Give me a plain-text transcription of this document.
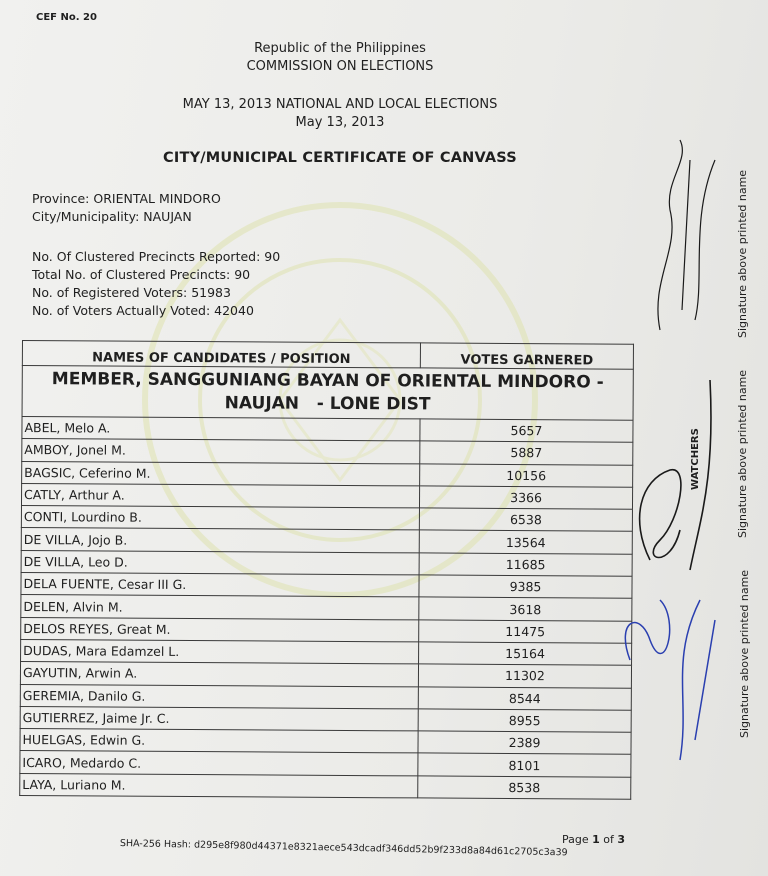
CEF No. 20
Republic of the Philippines
COMMISSION ON ELECTIONS
MAY 13, 2013 NATIONAL AND LOCAL ELECTIONS
May 13, 2013
CITY/MUNICIPAL CERTIFICATE OF CANVASS
Province: ORIENTAL MINDORO
City/Municipality: NAUJAN
No. Of Clustered Precincts Reported: 90
Total No. of Clustered Precincts: 90
No. of Registered Voters: 51983
No. of Voters Actually Voted: 42040
NAMES OF CANDIDATES / POSITION	VOTES GARNERED

MEMBER, SANGGUNIANG BAYAN OF ORIENTAL MINDORO -
NAUJAN   - LONE DIST	

ABEL, Melo A.	5657
AMBOY, Jonel M.	5887
BAGSIC, Ceferino M.	10156
CATLY, Arthur A.	3366
CONTI, Lourdino B.	6538
DE VILLA, Jojo B.	13564
DE VILLA, Leo D.	11685
DELA FUENTE, Cesar III G.	9385
DELEN, Alvin M.	3618
DELOS REYES, Great M.	11475
DUDAS, Mara Edamzel L.	15164
GAYUTIN, Arwin A.	11302
GEREMIA, Danilo G.	8544
GUTIERREZ, Jaime Jr. C.	8955
HUELGAS, Edwin G.	2389
ICARO, Medardo C.	8101
LAYA, Luriano M.	8538
WATCHERS
Signature above printed name
Signature above printed name
Signature above printed name
SHA-256 Hash: d295e8f980d44371e8321aece543dcadf346dd52b9f233d8a84d61c2705c3a39
Page 1 of 3
